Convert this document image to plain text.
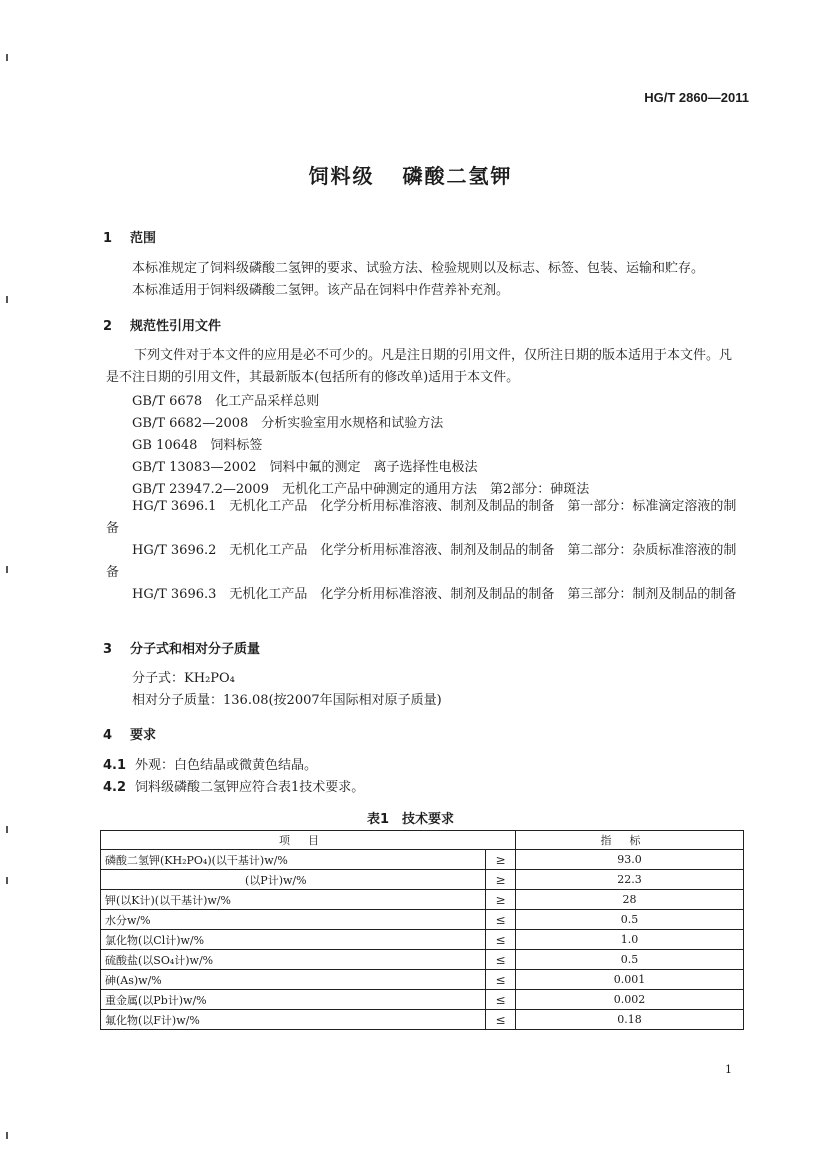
HG/T 2860—2011
饲料级 磷酸二氢钾
1 范围
本标准规定了饲料级磷酸二氢钾的要求、试验方法、检验规则以及标志、标签、包装、运输和贮存。
本标准适用于饲料级磷酸二氢钾。该产品在饲料中作营养补充剂。
2 规范性引用文件
下列文件对于本文件的应用是必不可少的。凡是注日期的引用文件，仅所注日期的版本适用于本文件。凡是不注日期的引用文件，其最新版本(包括所有的修改单)适用于本文件。
GB/T 6678　化工产品采样总则
GB/T 6682—2008　分析实验室用水规格和试验方法
GB 10648　饲料标签
GB/T 13083—2002　饲料中氟的测定　离子选择性电极法
GB/T 23947.2—2009　无机化工产品中砷测定的通用方法　第2部分：砷斑法
HG/T 3696.1　无机化工产品　化学分析用标准溶液、制剂及制品的制备　第一部分：标准滴定溶液的制备
HG/T 3696.2　无机化工产品　化学分析用标准溶液、制剂及制品的制备　第二部分：杂质标准溶液的制备
HG/T 3696.3　无机化工产品　化学分析用标准溶液、制剂及制品的制备　第三部分：制剂及制品的制备
3 分子式和相对分子质量
分子式：KH₂PO₄
相对分子质量：136.08(按2007年国际相对原子质量)
4 要求
4.1 外观：白色结晶或微黄色结晶。
4.2 饲料级磷酸二氢钾应符合表1技术要求。
表1　技术要求
项目		指标
磷酸二氢钾(KH₂PO₄)(以干基计)w/%	≥	93.0
(以P计)w/%	≥	22.3
钾(以K计)(以干基计)w/%	≥	28
水分w/%	≤	0.5
氯化物(以Cl计)w/%	≤	1.0
硫酸盐(以SO₄计)w/%	≤	0.5
砷(As)w/%	≤	0.001
重金属(以Pb计)w/%	≤	0.002
氟化物(以F计)w/%	≤	0.18
1
